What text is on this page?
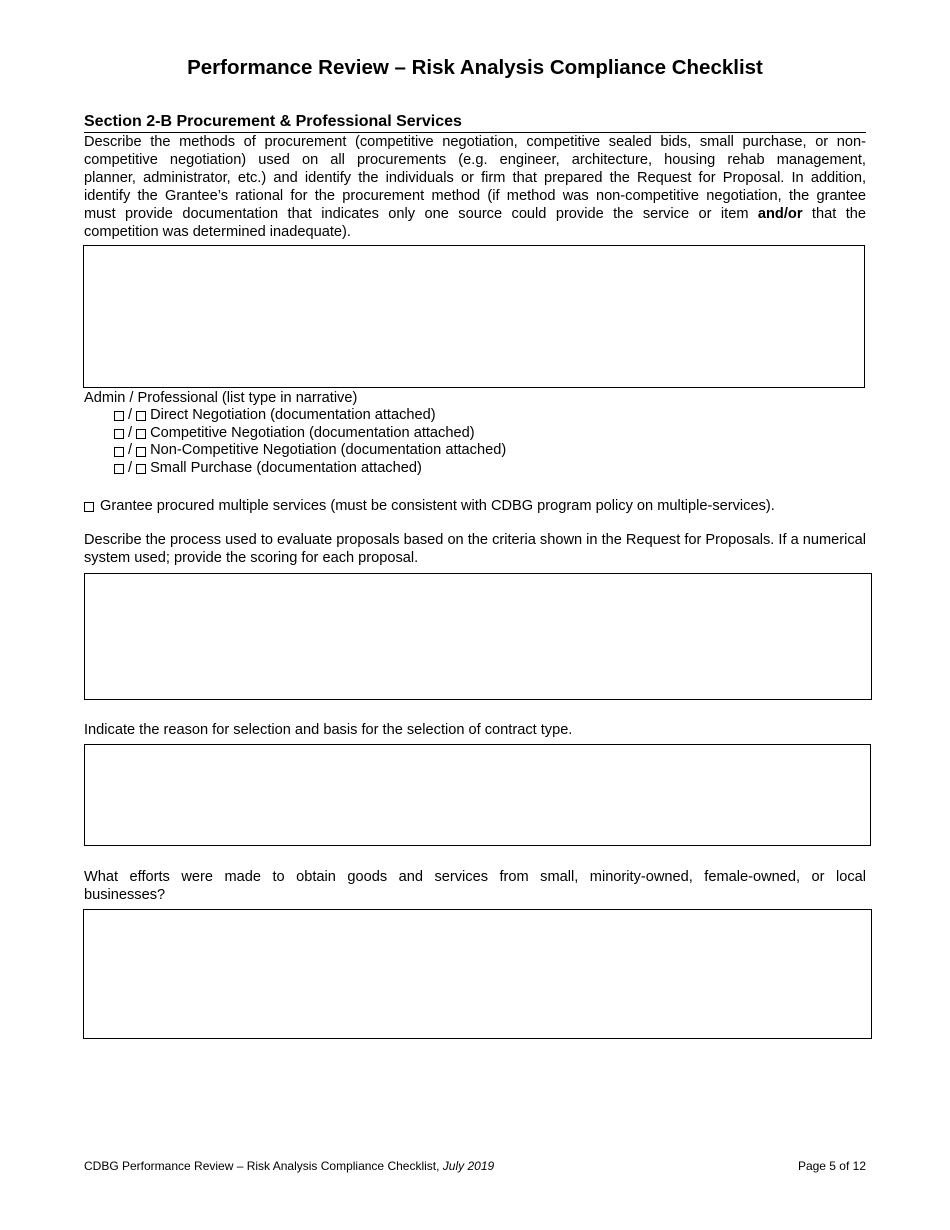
Performance Review – Risk Analysis Compliance Checklist
Section 2-B Procurement & Professional Services
Describe the methods of procurement (competitive negotiation, competitive sealed bids, small purchase, or non-
competitive negotiation) used on all procurements (e.g. engineer, architecture, housing rehab management,
planner, administrator, etc.) and identify the individuals or firm that prepared the Request for Proposal. In addition,
identify the Grantee’s rational for the procurement method (if method was non-competitive negotiation, the grantee
must provide documentation that indicates only one source could provide the service or item and/or that the
competition was determined inadequate).
Admin / Professional (list type in narrative)
/ Direct Negotiation (documentation attached)
/ Competitive Negotiation (documentation attached)
/ Non-Competitive Negotiation (documentation attached)
/ Small Purchase (documentation attached)
Grantee procured multiple services (must be consistent with CDBG program policy on multiple-services).
Describe the process used to evaluate proposals based on the criteria shown in the Request for Proposals. If a numerical system used; provide the scoring for each proposal.
Indicate the reason for selection and basis for the selection of contract type.
What efforts were made to obtain goods and services from small, minority-owned, female-owned, or local
businesses?
CDBG Performance Review – Risk Analysis Compliance Checklist, July 2019	Page 5 of 12
